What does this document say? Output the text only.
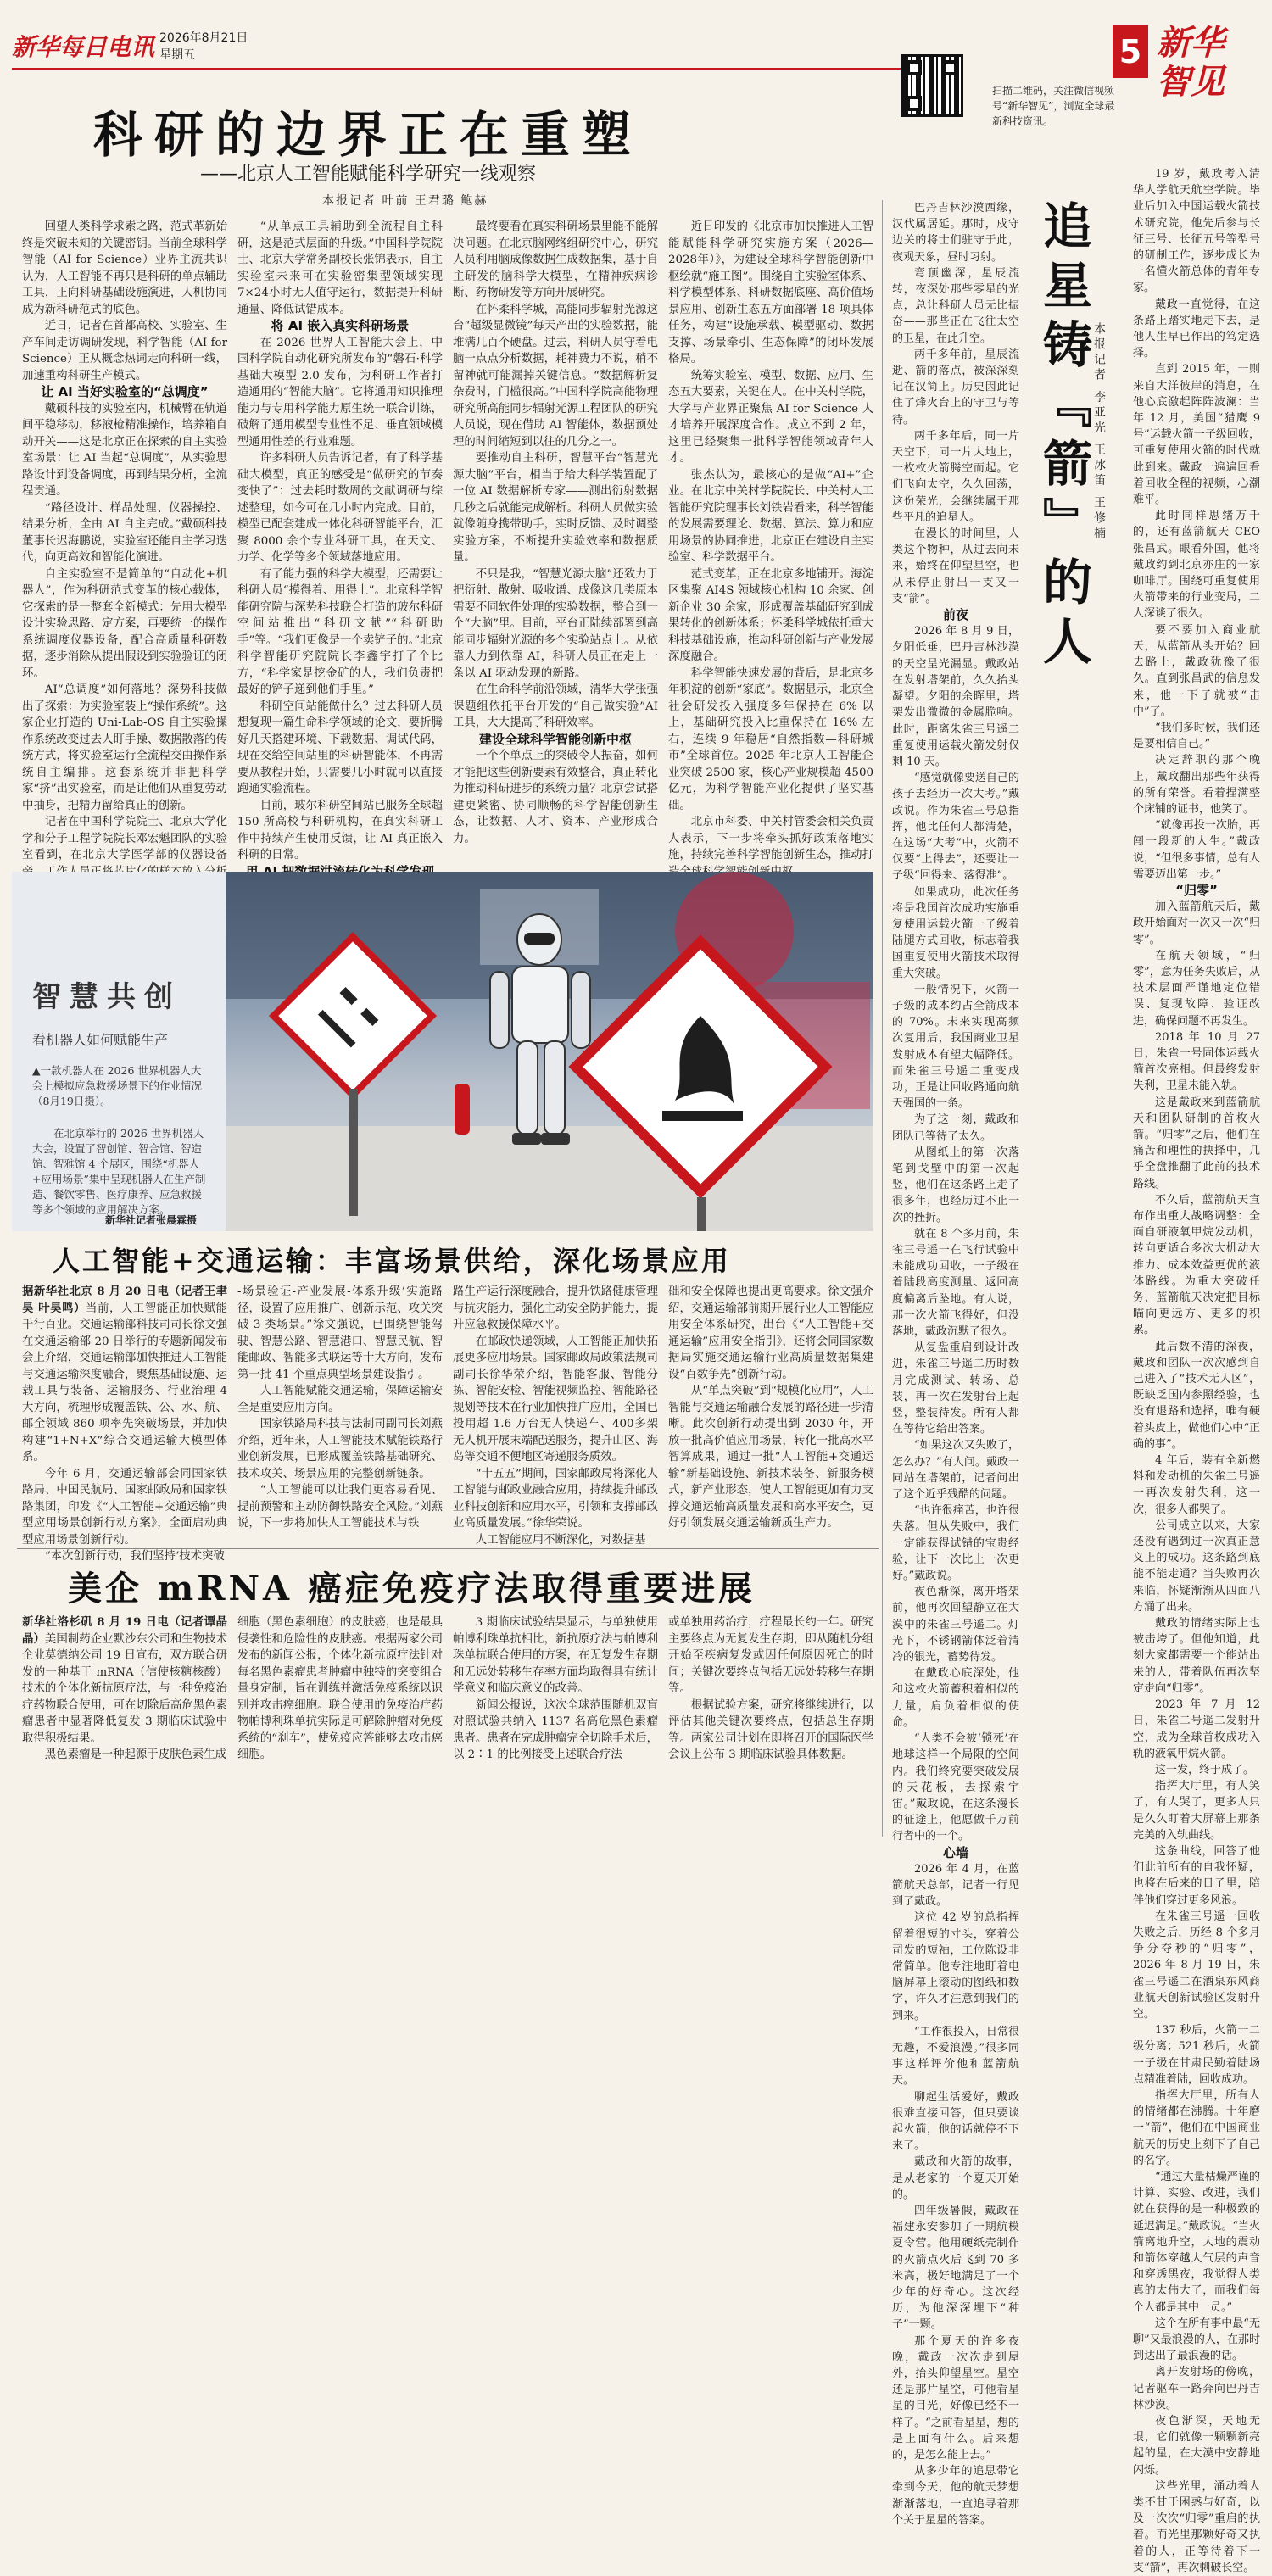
新华每日电讯 2026年8月21日
星期五
扫描二维码，关注微信视频号“新华智见”，浏览全球最新科技资讯。
5 新华智见
科研的边界正在重塑
——北京人工智能赋能科学研究一线观察
本报记者 叶前 王君璐 鲍赫

回望人类科学求索之路，范式革新始终是突破未知的关键密钥。当前全球科学智能（AI for Science）业界主流共识认为，人工智能不再只是科研的单点辅助工具，正向科研基础设施演进，人机协同成为新科研范式的底色。

近日，记者在首都高校、实验室、生产车间走访调研发现，科学智能（AI for Science）正从概念热词走向科研一线，加速重构科研生产模式。

让 AI 当好实验室的“总调度”

戴硕科技的实验室内，机械臂在轨道间平稳移动，移液枪精准操作，培养箱自动开关——这是北京正在探索的自主实验室场景：让 AI 当起“总调度”，从实验思路设计到设备调度，再到结果分析，全流程贯通。

“路径设计、样品处理、仪器操控、结果分析，全由 AI 自主完成。”戴硕科技董事长迟海鹏说，实验室还能自主学习迭代，向更高效和智能化演进。

自主实验室不是简单的“自动化+机器人”，作为科研范式变革的核心载体，它探索的是一整套全新模式：先用大模型设计实验思路、定方案，再要统一的操作系统调度仪器设备，配合高质量科研数据，逐步消除从提出假设到实验验证的闭环。

AI“总调度”如何落地？深势科技做出了探索：为实验室装上“操作系统”。这家企业打造的 Uni-Lab-OS 自主实验操作系统改变过去人盯手操、数据散落的传统方式，将实验室运行全流程交由操作系统自主编排。这套系统并非把科学家“挤”出实验室，而是让他们从重复劳动中抽身，把精力留给真正的创新。

记者在中国科学院院士、北京大学化学和分子工程学院院长邓宏魁团队的实验室看到，在北京大学医学部的仪器设备

“从单点工具辅助到全流程自主科研，这是范式层面的升级。”中国科学院院士、北京大学常务副校长张锦表示，自主实验室未来可在实验密集型领域实现7×24小时无人值守运行，数据提升科研通量、降低试错成本。

将 AI 嵌入真实科研场景

在 2026 世界人工智能大会上，中国科学院自动化研究所发布的“磐石·科学基础大模型 2.0 发布，为科研工作者打造通用的“智能大脑”。它将通用知识推理能力与专用科学能力原生统一联合训练，破解了通用模型专业性不足、垂直领域模型通用性差的行业难题。

许多科研人员告诉记者，有了科学基础大模型，真正的感受是“做研究的节奏变快了”：过去耗时数周的文献调研与综述整理，如今可在几小时内完成。目前，模型已配套建成一体化科研智能平台，汇聚 8000 余个专业科研工具，在天文、力学、化学等多个领域落地应用。

有了能力强的科学大模型，还需要让科研人员“摸得着、用得上”。北京科学智能研究院与深势科技联合打造的玻尔科研空间站推出“科研文献”“科研助手”等。“我们更像是一个卖铲子的。”北京科学智能研究院院长李鑫宇打了个比方，“科学家是挖金矿的人，我们负责把最好的铲子递到他们手里。”

科研空间站能做什么？过去科研人员想复现一篇生命科学领域的论文，要折腾好几天搭建环境、下载数据、调试代码，现在交给空间站里的科研智能体，不再需要从教程开始，只需要几小时就可以直接跑通实验流程。

目前，玻尔科研空间站已服务全球超 150 所高校与科研机构，在真实科研工作中持续产生使用反馈，让 AI 真正嵌入科研的日常。

最终要看在真实科研场景里能不能解决问题。在北京脑网络组研究中心，研究人员利用脑成像数据生成数据集，基于自主研发的脑科学大模型，在精神疾病诊断、药物研发等方向开展研究。

在怀柔科学城，高能同步辐射光源这台“超级显微镜”每天产出的实验数据，能堆满几百个硬盘。过去，科研人员守着电脑一点点分析数据，耗神费力不说，稍不留神就可能漏掉关键信息。“数据解析复杂费时，门槛很高。”中国科学院高能物理研究所高能同步辐射光源工程团队的研究人员说，现在借助 AI 智能体，数据预处理的时间缩短到以往的几分之一。

要推动自主科研，智慧平台“智慧光源大脑”平台，相当于给大科学装置配了一位 AI 数据解析专家——测出衍射数据几秒之后就能完成解析。科研人员做实验就像随身携带助手，实时反馈、及时调整实验方案，不断提升实验效率和数据质量。

不只是我，“智慧光源大脑”还致力于把衍射、散射、吸收谱、成像这几类原本需要不同软件处理的实验数据，整合到一个“大脑”里。目前，平台正陆续部署到高能同步辐射光源的多个实验站点上。从依靠人力到依靠 AI，科研人员正在走上一条以 AI 驱动发现的新路。

在生命科学前沿领域，清华大学张强课题组依托平台开发的“自己做实验”AI工具，大大提高了科研效率。

建设全球科学智能创新中枢

一个个单点上的突破令人振奋，如何才能把这些创新要素有效整合，真正转化为推动科研进步的系统力量？北京尝试搭建更紧密、协同顺畅的科学智能创新生态，让数据、人才、资本、产业形成合力。

近日印发的《北京市加快推进人工智能赋能科学研究实施方案（2026—2028年）》，为建设全球科学智能创新中枢绘就“施工图”。围绕自主实验室体系、科学模型体系、科研数据底座、高价值场景应用、创新生态五方面部署 18 项具体任务，构建“设施承载、模型驱动、数据支撑、场景牵引、生态保障”的闭环发展格局。

统筹实验室、模型、数据、应用、生态五大要素，关键在人。在中关村学院，大学与产业界正聚焦 AI for Science 人才培养开展深度合作。成立不到 2 年，这里已经聚集一批科学智能领域青年人才。

张杰认为，最核心的是做“AI+”企业。在北京中关村学院院长、中关村人工智能研究院理事长刘铁岩看来，科学智能的发展需要理论、数据、算法、算力和应用场景的协同推进，北京正在建设自主实验室、科学数据平台。

范式变革，正在北京多地铺开。海淀区集聚 AI4S 领域核心机构 10 余家、创新企业 30 余家，形成覆盖基础研究到成果转化的创新体系；怀柔科学城依托重大科技基础设施，推动科研创新与产业发展深度融合。

科学智能快速发展的背后，是北京多年积淀的创新“家底”。数据显示，北京全社会研发投入强度多年保持在 6% 以上，基础研究投入比重保持在 16% 左右，连续 9 年稳居“自然指数—科研城市”全球首位。2025 年北京人工智能企业突破 2500 家，核心产业规模超 4500 亿元，为科学智能产业化提供了坚实基础。

北京市科委、中关村管委会相关负责人表示，下一步将牵头抓好政策落地实施，持续完善科学智能创新生态，推动打

智慧共创
看机器人如何赋能生产
▲一款机器人在 2026 世界机器人大会上模拟应急救援场景下的作业情况（8月19日摄）。
在北京举行的 2026 世界机器人大会，设置了智创馆、智合馆、智造馆、智雅馆 4 个展区，围绕“机器人+应用场景”集中呈现机器人在生产制造、餐饮零售、医疗康养、应急救援等多个领域的应用解决方案。
新华社记者张晨霖摄
人工智能+交通运输：丰富场景供给，深化场景应用

据新华社北京 8 月 20 日电（记者王聿昊 叶昊鸣）当前，人工智能正加快赋能千行百业。交通运输部科技司司长徐文强在交通运输部 20 日举行的专题新闻发布会上介绍，交通运输部加快推进人工智能与交通运输深度融合，聚焦基础设施、运载工具与装备、运输服务、行业治理 4 大方向，梳理形成覆盖铁、公、水、航、邮全领域 860 项率先突破场景，并加快构建“1+N+X”综合交通运输大模型体系。

今年 6 月，交通运输部会同国家铁路局、中国民航局、国家邮政局和国家铁路集团，印发《“人工智能+交通运输”典型应用场景创新行动方案》，全面启动典型应用场景创新行动。

“本次创新行动，我们坚持‘技术突破

-场景验证-产业发展-体系升级’实施路径，设置了应用推广、创新示范、攻关突破 3 类场景。”徐文强说，已围绕智能驾驶、智慧公路、智慧港口、智慧民航、智能邮政、智能多式联运等十大方向，发布第一批 41 个重点典型场景建设指引。

人工智能赋能交通运输，保障运输安全是重要应用方向。

国家铁路局科技与法制司副司长刘燕介绍，近年来，人工智能技术赋能铁路行业创新发展，已形成覆盖铁路基础研究、技术攻关、场景应用的完整创新链条。

“人工智能可以让我们更容易看见、提前预警和主动防御铁路安全风险。”刘燕说，下一步将加快人工智能技术与铁

路生产运行深度融合，提升铁路健康管理与抗灾能力，强化主动安全防护能力，提升应急救援保障水平。

在邮政快递领域，人工智能正加快拓展更多应用场景。国家邮政局政策法规司副司长徐华荣介绍，智能客服、智能分拣、智能安检、智能视频监控、智能路径规划等技术在行业加快推广应用，全国已投用超 1.6 万台无人快递车、400多架无人机开展末端配送服务，提升山区、海岛等交通不便地区寄递服务质效。

“十五五”期间，国家邮政局将深化人工智能与邮政业融合应用，持续提升邮政业科技创新和应用水平，引领和支撑邮政业高质量发展。”徐华荣说。

人工智能应用不断深化，对数据基

础和安全保障也提出更高要求。徐文强介绍，交通运输部前期开展行业人工智能应用安全体系研究，出台《“人工智能+交通运输”应用安全指引》，还将会同国家数据局实施交通运输行业高质量数据集建设“百数争先”创新行动。

从“单点突破”到“规模化应用”，人工智能与交通运输融合发展的路径进一步清晰。此次创新行动提出到 2030 年，开放一批高价值应用场景，转化一批高水平智算成果，通过一批“人工智能+交通运输”新基础设施、新技术装备、新服务模式，新产业形态，使人工智能更加有力支撑交通运输高质量发展和高水平安全，更好引领发展交通运输新质生产力。

美企 mRNA 癌症免疫疗法取得重要进展

新华社洛杉矶 8 月 19 日电（记者谭晶晶）美国制药企业默沙东公司和生物技术企业莫德纳公司 19 日宣布，双方联合研发的一种基于 mRNA（信使核糖核酸）技术的个体化新抗原疗法，与一种免疫治疗药物联合使用，可在切除后高危黑色素瘤患者中显著降低复发 3 期临床试验中取得积极结果。

黑色素瘤是一种起源于皮肤色素生成

细胞（黑色素细胞）的皮肤癌，也是最具侵袭性和危险性的皮肤癌。根据两家公司发布的新闻公报，个体化新抗原疗法针对每名黑色素瘤患者肿瘤中独特的突变组合量身定制，旨在训练并激活免疫系统以识别并攻击癌细胞。联合使用的免疫治疗药物帕博利珠单抗实际是可解除肿瘤对免疫系统的“刹车”，使免疫应答能够去攻击癌细胞。

3 期临床试验结果显示，与单独使用帕博利珠单抗相比，新抗原疗法与帕博利珠单抗联合使用的方案，在无复发生存期和无远处转移生存率方面均取得具有统计学意义和临床意义的改善。

新闻公报说，这次全球范围随机双盲对照试验共纳入 1137 名高危黑色素瘤患者。患者在完成肿瘤完全切除手术后，以 2∶1 的比例接受上述联合疗法

或单独用药治疗，疗程最长约一年。研究主要终点为无复发生存期，即从随机分组开始至疾病复发或因任何原因死亡的时间；关键次要终点包括无远处转移生存期等。

根据试验方案，研究将继续进行，以评估其他关键次要终点，包括总生存期等。两家公司计划在即将召开的国际医学会议上公布 3 期临床试验具体数据。

追星铸『箭』的人 本报记者 李亚光 王冰笛 王修楠

巴丹吉林沙漠西缘，汉代属居延。那时，戍守边关的将士们驻守于此，夜观天象，昼时习射。

弯顶幽深，星辰流转，夜深处那些零星的光点，总让科研人员无比振奋——那些正在飞往太空的卫星，在此升空。

两千多年前，星辰流逝、箭的落点，被深深刻记在汉简上。历史因此记住了烽火台上的守卫与等待。

两千多年后，同一片天空下，同一片大地上，一枚枚火箭腾空而起。它们飞向太空，久久回荡，这份荣光，会继续属于那些平凡的追星人。

在漫长的时间里，人类这个物种，从过去向未来，始终在仰望星空，也从未停止射出一支又一支“箭”。

前夜

2026 年 8 月 9 日，夕阳低垂，巴丹吉林沙漠的天空呈光漏显。戴政站在发射塔架前，久久抬头凝望。夕阳的余晖里，塔架发出微微的金属脆响。此时，距离朱雀三号遥二重复使用运载火箭发射仅剩 10 天。

“感觉就像要送自己的孩子去经历一次大考。”戴政说。作为朱雀三号总指挥，他比任何人都清楚，在这场“大考”中，火箭不仅要“上得去”，还要让一子级“回得来、落得准”。

如果成功，此次任务将是我国首次成功实施重复使用运载火箭一子级着陆腿方式回收，标志着我国重复使用火箭技术取得重大突破。

一般情况下，火箭一子级的成本约占全箭成本的 70%。未来实现高频次复用后，我国商业卫星发射成本有望大幅降低。而朱雀三号遥二重变成功，正是让回收路通向航天强国的一条。

为了这一刻，戴政和团队已等待了太久。

从图纸上的第一次落笔到戈壁中的第一次起竖，他们在这条路上走了很多年，也经历过不止一次的挫折。

就在 8 个多月前，朱雀三号遥一在飞行试验中未能成功回收，一子级在着陆段高度测量、返回高度偏离后坠地。有人说，那一次火箭飞得好，但没落地，戴政沉默了很久。

从复盘重启到设计改进，朱雀三号遥二历时数月完成测试、转场、总装，再一次在发射台上起竖，整装待发。所有人都在等待它给出答案。

“如果这次又失败了，怎么办？”有人问。戴政一同站在塔架前，记者问出了这个近乎残酷的问题。

“也许很痛苦，也许很失落。但从失败中，我们一定能获得试错的宝贵经验，让下一次比上一次更好。”戴政说。

夜色渐深，离开塔架前，他再次回望静立在大漠中的朱雀三号遥二。灯光下，不锈钢箭体泛着清冷的银光，蓄势待发。

在戴政心底深处，他和这枚火箭蓄积着相似的力量，肩负着相似的使命。

“人类不会被‘锁死’在地球这样一个局限的空间内。我们终究要突破发展的天花板，去探索宇宙。”戴政说，在这条漫长的征途上，他愿做千万前行者中的一个。

心墙

2026 年 4 月，在蓝箭航天总部，记者一行见到了戴政。

这位 42 岁的总指挥留着很短的寸头，穿着公司发的短袖，工位陈设非常简单。他专注地盯着电脑屏幕上滚动的图纸和数字，许久才注意到我们的到来。

“工作很投入，日常很无趣，不爱浪漫。”很多同事这样评价他和蓝箭航天。

聊起生活爱好，戴政很难直接回答，但只要谈起火箭，他的话就停不下来了。

戴政和火箭的故事，是从老家的一个夏天开始的。

四年级暑假，戴政在福建永安参加了一期航模夏令营。他用硬纸壳制作的火箭点火后飞到 70 多米高，极好地满足了一个少年的好奇心。这次经历，为他深深埋下“种子”一颗。

那个夏天的许多夜晚，戴政一次次走到屋外，抬头仰望星空。星空还是那片星空，可他看星星的目光，好像已经不一样了。“之前看星星，想的是上面有什么。后来想的，是怎么能上去。”

从多少年的追思带它牵到今天，他的航天梦想渐渐落地，一直追寻着那个关于星星的答案。

19 岁，戴政考入清华大学航天航空学院。毕业后加入中国运载火箭技术研究院，他先后参与长征三号、长征五号等型号的研制工作，逐步成长为一名懂火箭总体的青年专家。

戴政一直觉得，在这条路上踏实地走下去，是他人生早已作出的笃定选择。

直到 2015 年，一则来自大洋彼岸的消息，在他心底激起阵阵波澜：当年 12 月，美国“猎鹰 9 号”运载火箭一子级回收，可重复使用火箭的时代就此到来。戴政一遍遍回看着回收全程的视频，心潮难平。

此时同样思绪万千的，还有蓝箭航天 CEO 张昌武。眼看外国，他将戴政约到北京亦庄的一家咖啡厅。围绕可重复使用火箭带来的行业变局，二人深谈了很久。

要不要加入商业航天，从蓝箭从头开始？回去路上，戴政犹豫了很久。直到张昌武的信息发来，他一下子就被“击中”了。

“我们多时候，我们还是要相信自己。”

决定辞职的那个晚上，戴政翻出那些年获得的所有荣誉。看着捏满整个床铺的证书，他笑了。

“就像再投一次胎，再闯一段新的人生。”戴政说，“但很多事情，总有人需要迈出第一步。”

“归零”

加入蓝箭航天后，戴政开始面对一次又一次“归零”。

在航天领域，“归零”，意为任务失败后，从技术层面严谨地定位错误、复现故障、验证改进，确保问题不再发生。

2018 年 10 月 27 日，朱雀一号固体运载火箭首次亮相。但最终发射失利，卫星未能入轨。

这是戴政来到蓝箭航天和团队研制的首枚火箭。“归零”之后，他们在痛苦和理性的抉择中，几乎全盘推翻了此前的技术路线。

不久后，蓝箭航天宣布作出重大战略调整：全面自研液氧甲烷发动机，转向更适合多次大机动大推力、成本效益更优的液体路线。为重大突破任务，蓝箭航天决定把目标瞄向更远方、更多的积累。

此后数不清的深夜，戴政和团队一次次感到自己进入了“技术无人区”，既缺乏国内参照经验，也没有退路和选择，唯有硬着头皮上，做他们心中“正确的事”。

4 年后，装有全新燃料和发动机的朱雀二号遥一再次发射失利，这一次，很多人都哭了。

公司成立以来，大家还没有遇到过一次真正意义上的成功。这条路到底能不能走通？当失败再次来临，怀疑渐渐从四面八方涌了出来。

戴政的情绪实际上也被击垮了。但他知道，此刻大家都需要一个能站出来的人，带着队伍再次坚定走向“归零”。

2023 年 7 月 12 日，朱雀二号遥二发射升空，成为全球首枚成功入轨的液氧甲烷火箭。

这一发，终于成了。

指挥大厅里，有人笑了，有人哭了，更多人只是久久盯着大屏幕上那条完美的入轨曲线。

这条曲线，回答了他们此前所有的自我怀疑，也将在后来的日子里，陪伴他们穿过更多风浪。

在朱雀三号遥一回收失败之后，历经 8 个多月争分夺秒的“归零”，2026 年 8 月 19 日，朱雀三号遥二在酒泉东风商业航天创新试验区发射升空。

137 秒后，火箭一二级分离；521 秒后，火箭一子级在甘肃民勤着陆场点精准着陆，回收成功。

指挥大厅里，所有人的情绪都在沸腾。十年磨一“箭”，他们在中国商业航天的历史上刻下了自己的名字。

“通过大量枯燥严谨的计算、实验、改进，我们就在获得的是一种极致的延迟满足。”戴政说。“当火箭离地升空，大地的震动和箭体穿越大气层的声音和穿透黑夜，我觉得人类真的太伟大了，而我们每个人都是其中一员。”

这个在所有事中最“无聊”又最浪漫的人，在那时到达出了最浪漫的话。

离开发射场的傍晚，记者驱车一路奔向巴丹吉林沙漠。

夜色渐深，天地无垠，它们就像一颗颗新亮起的星，在大漠中安静地闪烁。

这些光里，涌动着人类不甘于困惑与好奇，以及一次次“归零”重启的执着。而光里那颗好奇又执着的人，正等待着下一支“箭”，再次刺破长空。
